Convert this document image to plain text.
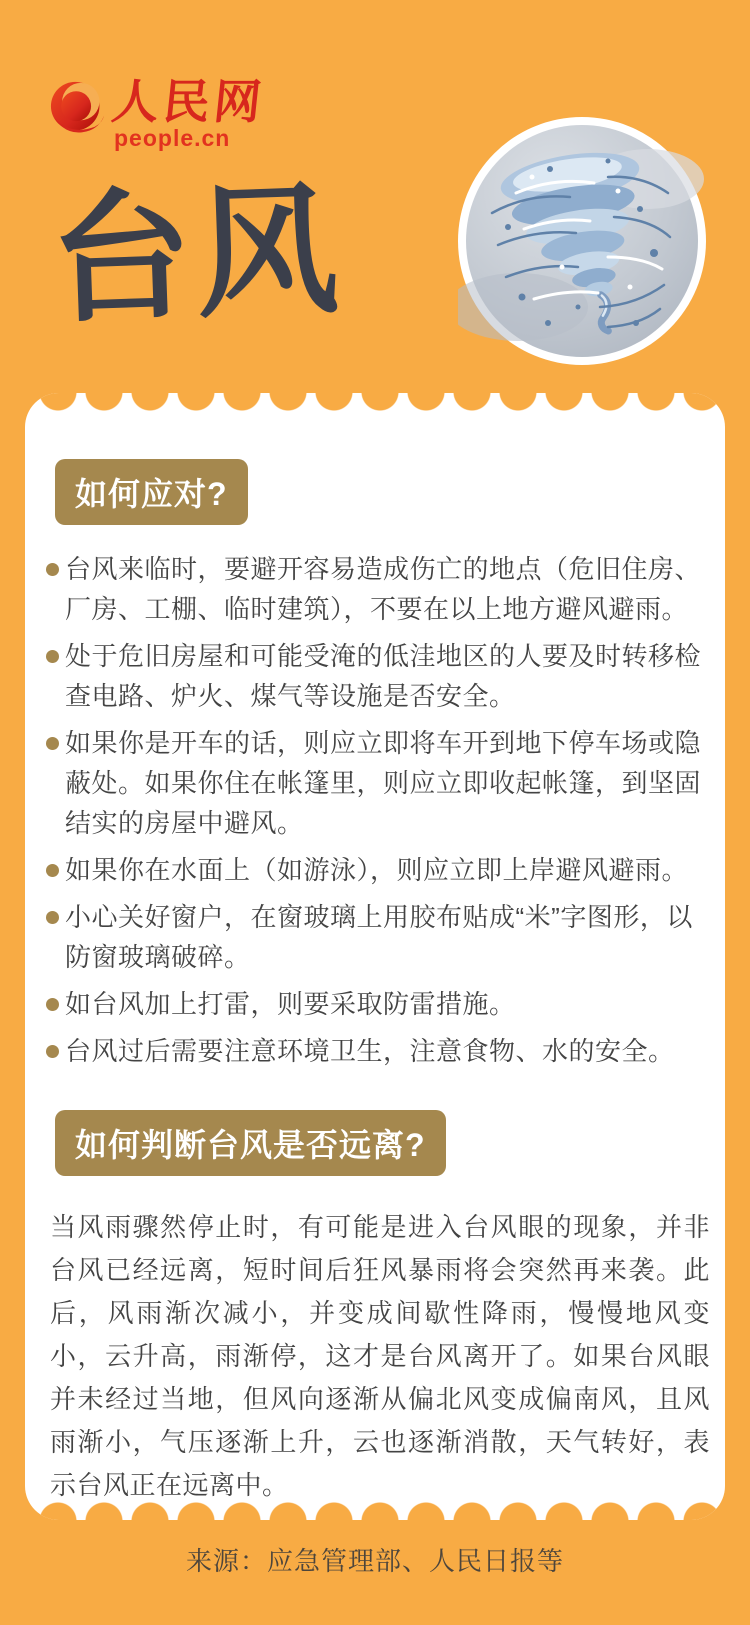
人民网
people.cn
台风
如何应对?
台风来临时，要避开容易造成伤亡的地点（危旧住房、厂房、工棚、临时建筑），不要在以上地方避风避雨。
处于危旧房屋和可能受淹的低洼地区的人要及时转移检查电路、炉火、煤气等设施是否安全。
如果你是开车的话，则应立即将车开到地下停车场或隐蔽处。如果你住在帐篷里，则应立即收起帐篷，到坚固结实的房屋中避风。
如果你在水面上（如游泳），则应立即上岸避风避雨。
小心关好窗户，在窗玻璃上用胶布贴成“米”字图形，以防窗玻璃破碎。
如台风加上打雷，则要采取防雷措施。
台风过后需要注意环境卫生，注意食物、水的安全。
如何判断台风是否远离?

当风雨骤然停止时，有可能是进入台风眼的现象，并非台风已经远离，短时间后狂风暴雨将会突然再来袭。此后，风雨渐次减小，并变成间歇性降雨，慢慢地风变小，云升高，雨渐停，这才是台风离开了。如果台风眼并未经过当地，但风向逐渐从偏北风变成偏南风，且风雨渐小，气压逐渐上升，云也逐渐消散，天气转好，表示台风正在远离中。

来源：应急管理部、人民日报等
